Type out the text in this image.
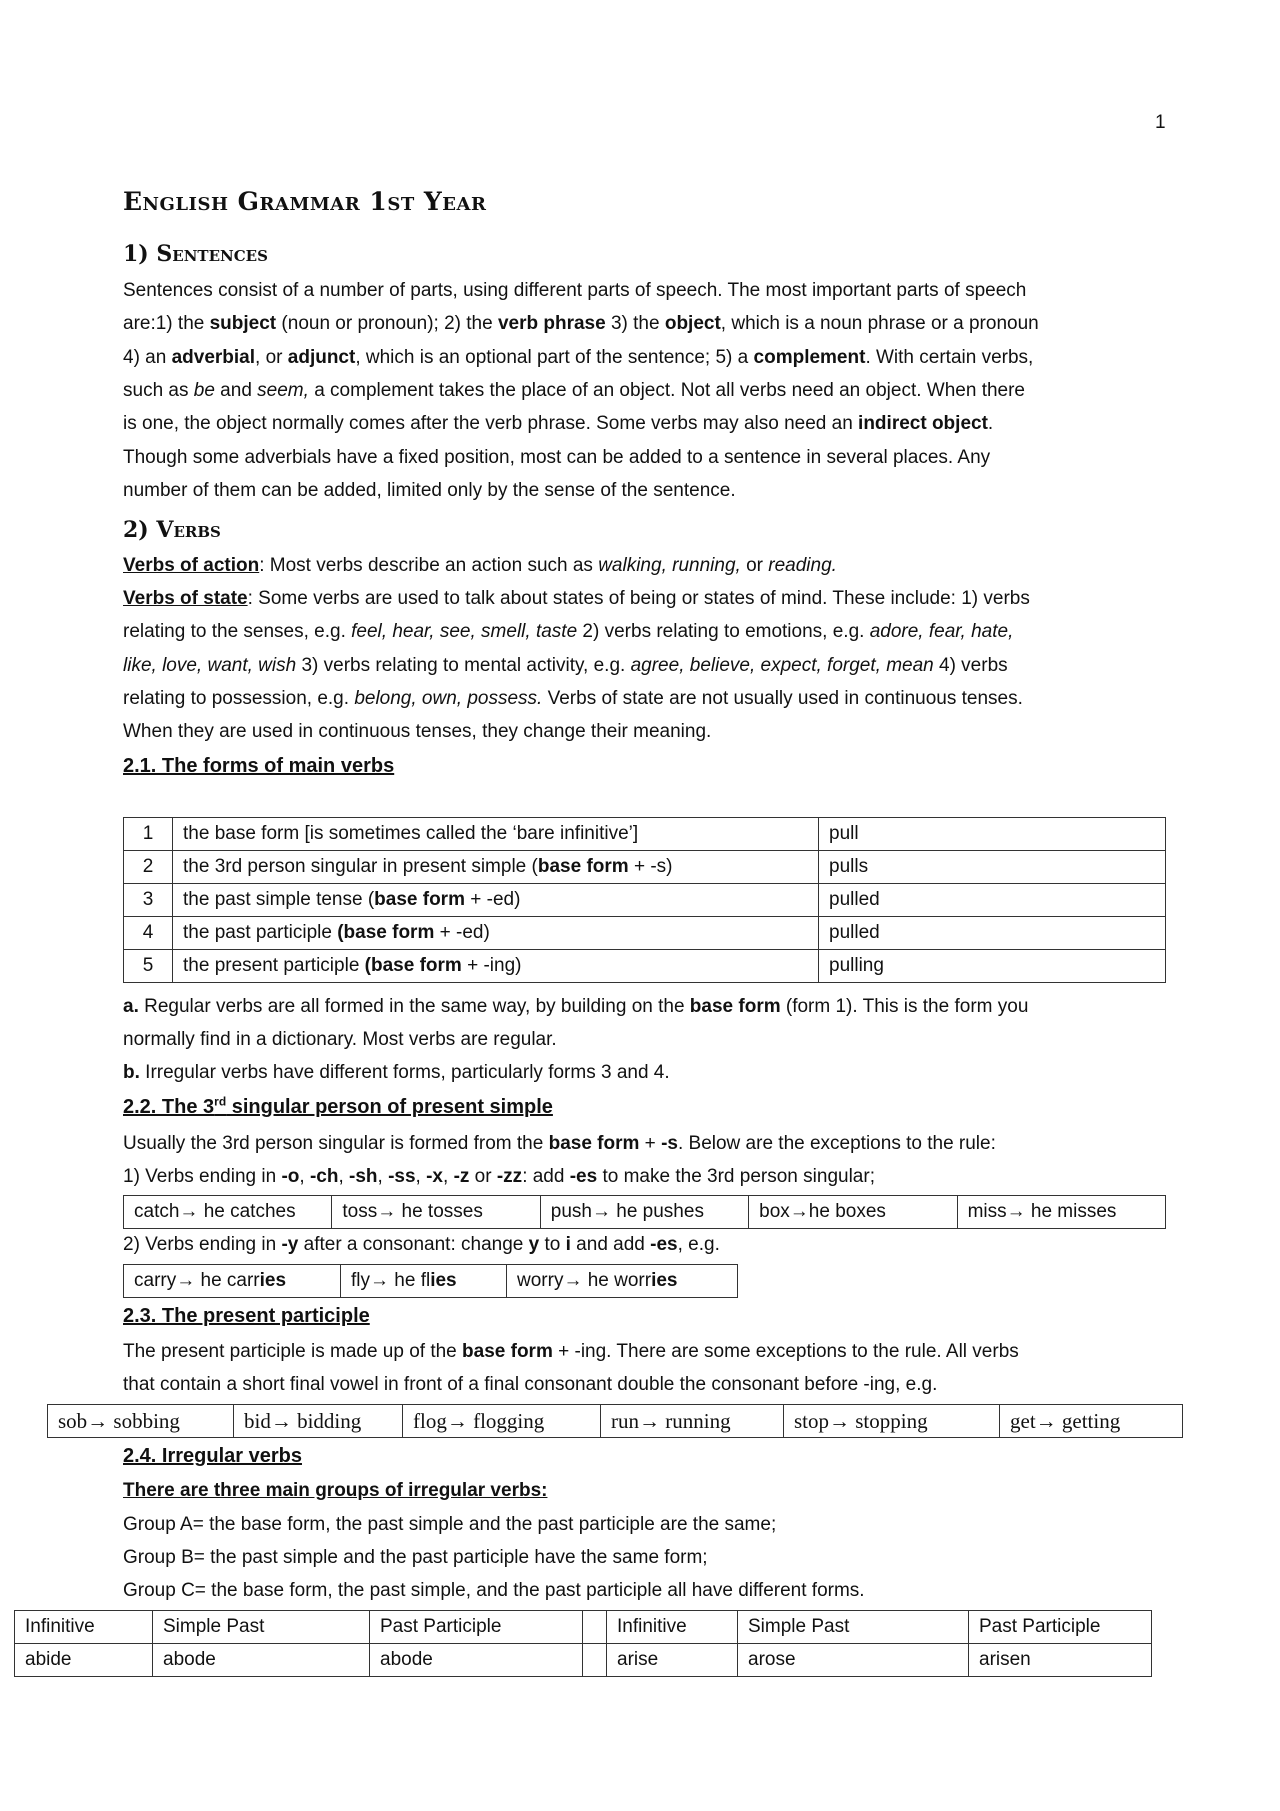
1
English Grammar 1st Year
1) Sentences
Sentences consist of a number of parts, using different parts of speech. The most important parts of speech
are:1) the subject (noun or pronoun); 2) the verb phrase 3) the object, which is a noun phrase or a pronoun
4) an adverbial, or adjunct, which is an optional part of the sentence; 5) a complement. With certain verbs,
such as be and seem, a complement takes the place of an object. Not all verbs need an object. When there
is one, the object normally comes after the verb phrase. Some verbs may also need an indirect object.
Though some adverbials have a fixed position, most can be added to a sentence in several places. Any
number of them can be added, limited only by the sense of the sentence.
2) Verbs
Verbs of action: Most verbs describe an action such as walking, running, or reading.
Verbs of state: Some verbs are used to talk about states of being or states of mind. These include: 1) verbs
relating to the senses, e.g. feel, hear, see, smell, taste 2) verbs relating to emotions, e.g. adore, fear, hate,
like, love, want, wish 3) verbs relating to mental activity, e.g. agree, believe, expect, forget, mean 4) verbs
relating to possession, e.g. belong, own, possess. Verbs of state are not usually used in continuous tenses.
When they are used in continuous tenses, they change their meaning.
2.1. The forms of main verbs
1	the base form [is sometimes called the ‘bare infinitive’]	pull
2	the 3rd person singular in present simple (base form + -s)	pulls
3	the past simple tense (base form + -ed)	pulled
4	the past participle (base form + -ed)	pulled
5	the present participle (base form + -ing)	pulling
a. Regular verbs are all formed in the same way, by building on the base form (form 1). This is the form you
normally find in a dictionary. Most verbs are regular.
b. Irregular verbs have different forms, particularly forms 3 and 4.
2.2. The 3rd singular person of present simple
Usually the 3rd person singular is formed from the base form + -s. Below are the exceptions to the rule:
1) Verbs ending in -o, -ch, -sh, -ss, -x, -z or -zz: add -es to make the 3rd person singular;
catch→ he catches	toss→ he tosses	push→ he pushes	box→he boxes	miss→ he misses
2) Verbs ending in -y after a consonant: change y to i and add -es, e.g.
carry→ he carries	fly→ he flies	worry→ he worries
2.3. The present participle
The present participle is made up of the base form + -ing. There are some exceptions to the rule. All verbs
that contain a short final vowel in front of a final consonant double the consonant before -ing, e.g.
sob→ sobbing	bid→ bidding	flog→ flogging	run→ running	stop→ stopping	get→ getting
2.4. Irregular verbs
There are three main groups of irregular verbs:
Group A= the base form, the past simple and the past participle are the same;
Group B= the past simple and the past participle have the same form;
Group C= the base form, the past simple, and the past participle all have different forms.
Infinitive	Simple Past	Past Participle		Infinitive	Simple Past	Past Participle
abide	abode	abode		arise	arose	arisen
